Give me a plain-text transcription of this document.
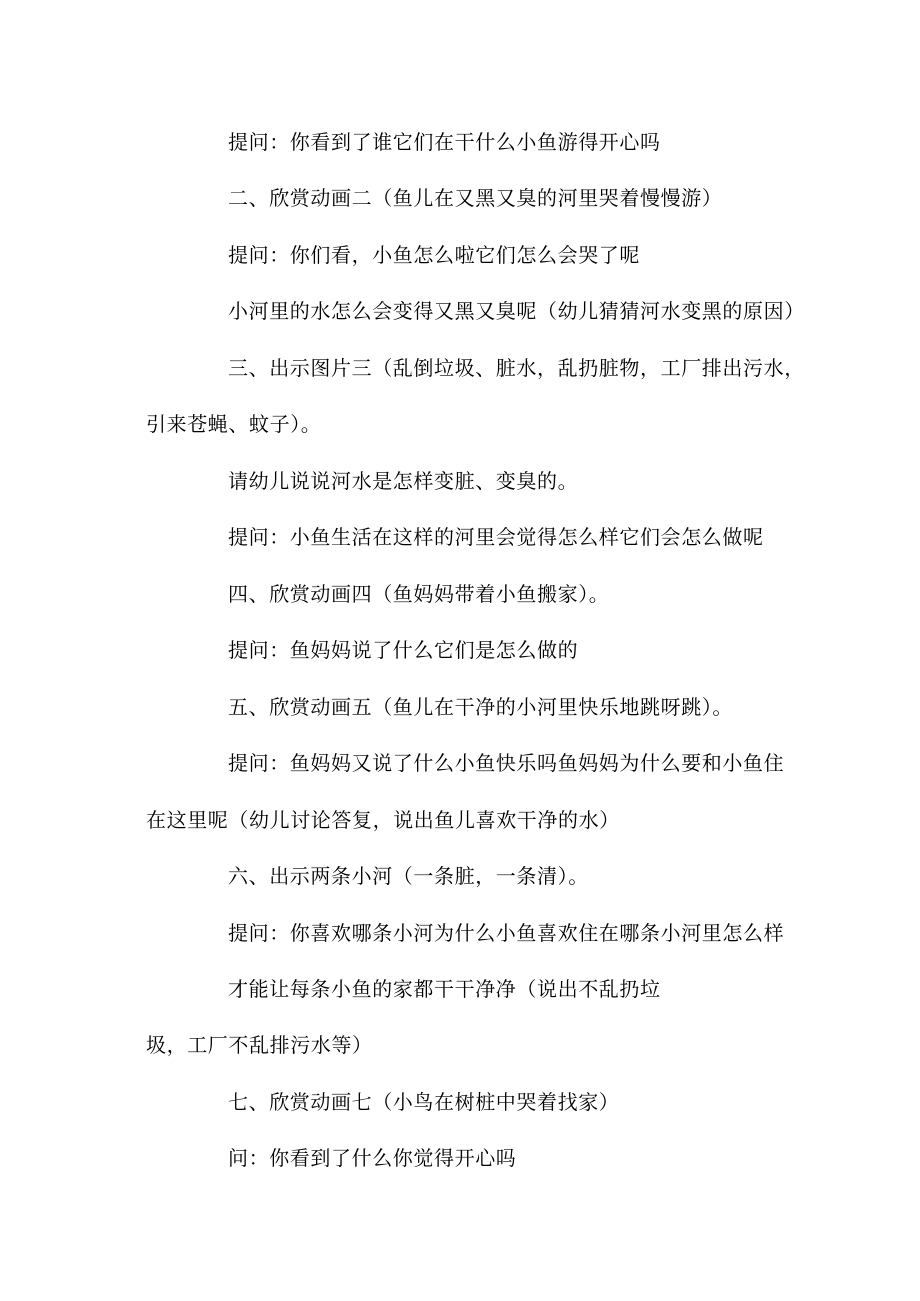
提问：你看到了谁它们在干什么小鱼游得开心吗
二、欣赏动画二（鱼儿在又黑又臭的河里哭着慢慢游）
提问：你们看，小鱼怎么啦它们怎么会哭了呢
小河里的水怎么会变得又黑又臭呢（幼儿猜猜河水变黑的原因）
三、出示图片三（乱倒垃圾、脏水，乱扔脏物，工厂排出污水，
引来苍蝇、蚊子）。
请幼儿说说河水是怎样变脏、变臭的。
提问：小鱼生活在这样的河里会觉得怎么样它们会怎么做呢
四、欣赏动画四（鱼妈妈带着小鱼搬家）。
提问：鱼妈妈说了什么它们是怎么做的
五、欣赏动画五（鱼儿在干净的小河里快乐地跳呀跳）。
提问：鱼妈妈又说了什么小鱼快乐吗鱼妈妈为什么要和小鱼住
在这里呢（幼儿讨论答复，说出鱼儿喜欢干净的水）
六、出示两条小河（一条脏，一条清）。
提问：你喜欢哪条小河为什么小鱼喜欢住在哪条小河里怎么样
才能让每条小鱼的家都干干净净（说出不乱扔垃
圾，工厂不乱排污水等）
七、欣赏动画七（小鸟在树桩中哭着找家）
问：你看到了什么你觉得开心吗
